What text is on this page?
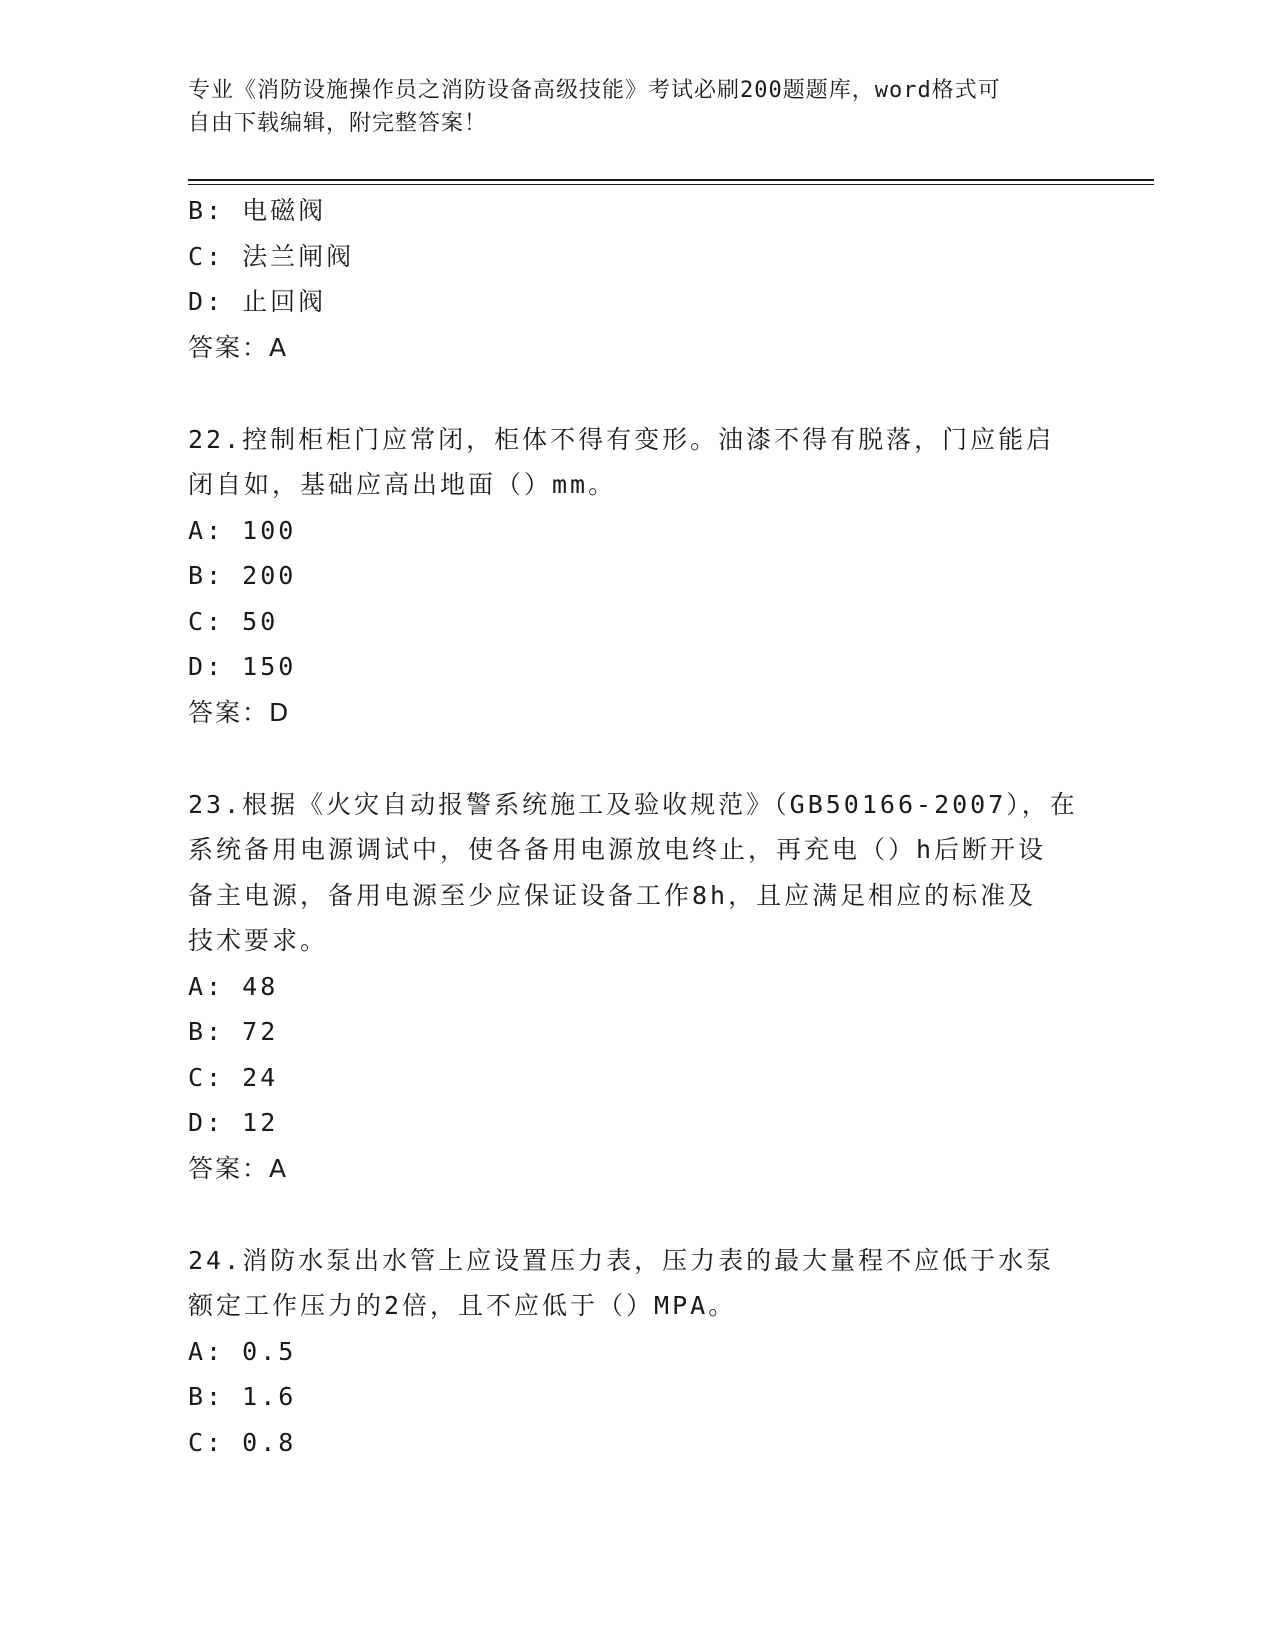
专业《消防设施操作员之消防设备高级技能》考试必刷200题题库，word格式可
自由下载编辑，附完整答案！
B: 电磁阀
C: 法兰闸阀
D: 止回阀
答案：A
22.控制柜柜门应常闭，柜体不得有变形。油漆不得有脱落，门应能启
闭自如，基础应高出地面（）mm。
A: 100
B: 200
C: 50
D: 150
答案：D
23.根据《火灾自动报警系统施工及验收规范》（GB50166-2007），在
系统备用电源调试中，使各备用电源放电终止，再充电（）h后断开设
备主电源，备用电源至少应保证设备工作8h，且应满足相应的标准及
技术要求。
A: 48
B: 72
C: 24
D: 12
答案：A
24.消防水泵出水管上应设置压力表，压力表的最大量程不应低于水泵
额定工作压力的2倍，且不应低于（）MPA。
A: 0.5
B: 1.6
C: 0.8
